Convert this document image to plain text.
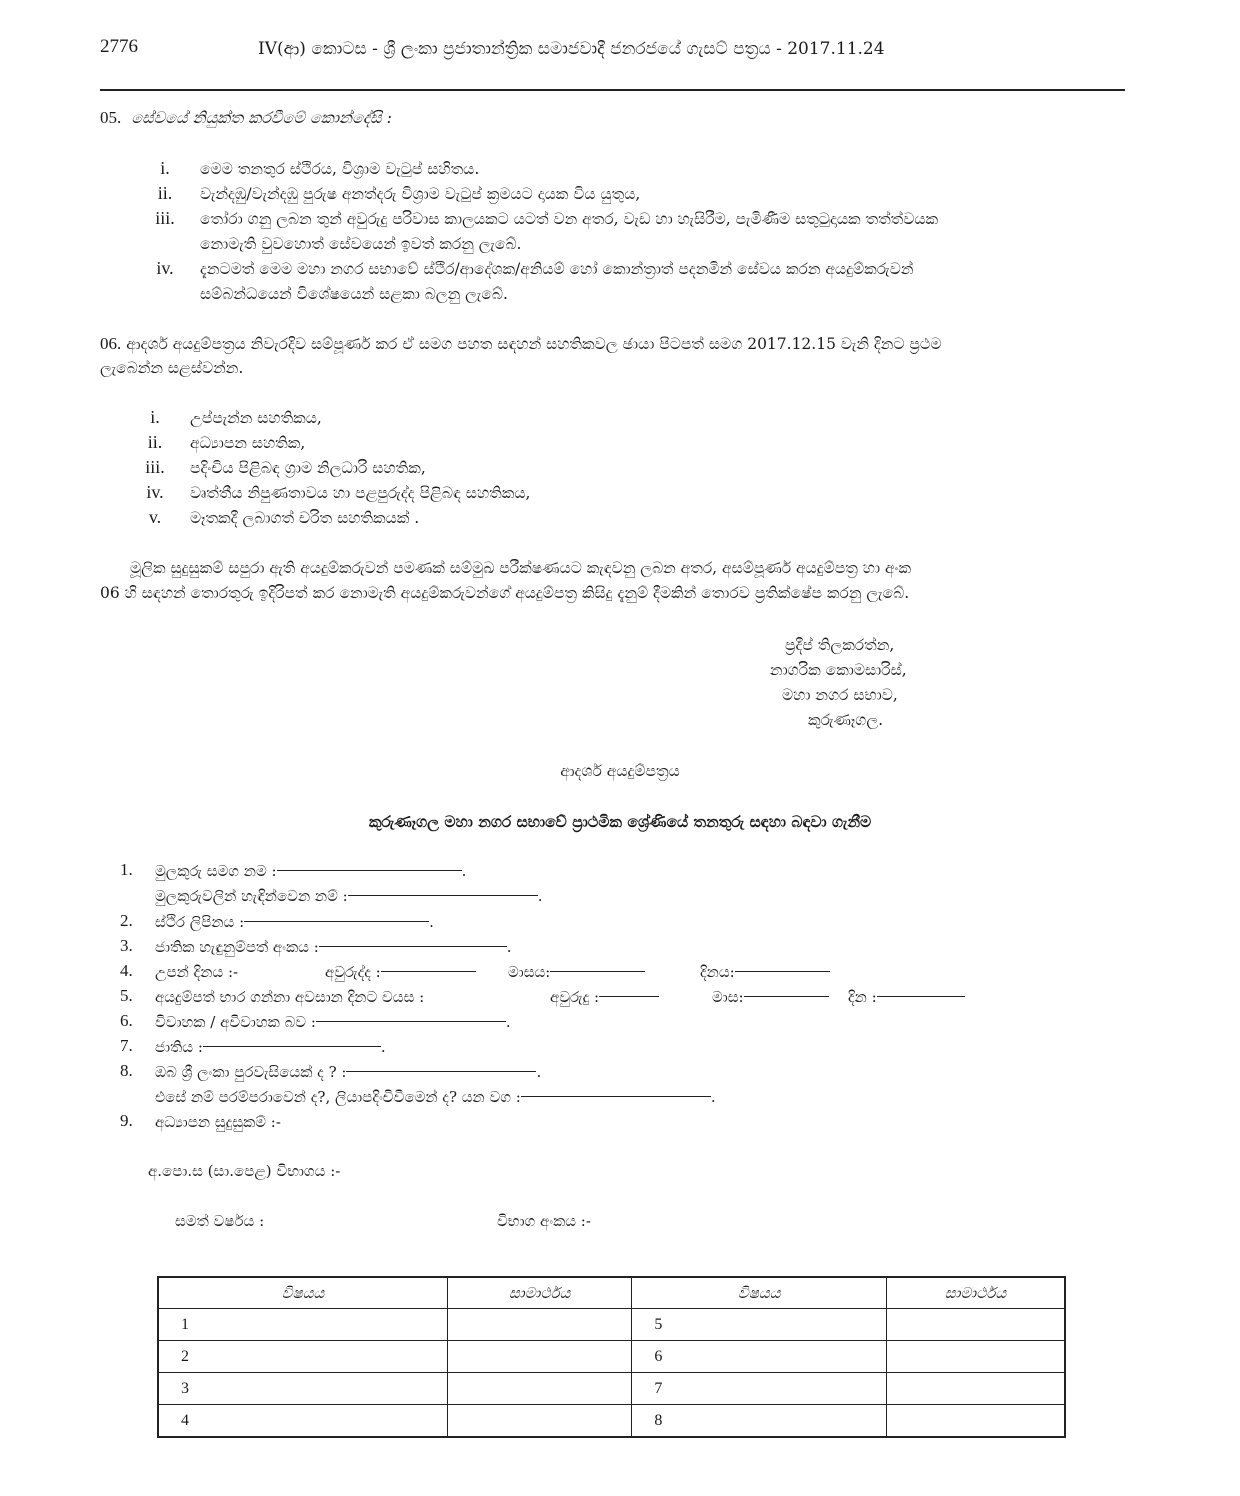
2776	IV(ආ) කොටස - ශ්‍රී ලංකා ප්‍රජාතාන්ත්‍රික සමාජවාදී ජනරජයේ ගැසට් පත්‍රය - 2017.11.24
05. සේවයේ නියුක්ත කරවීමේ කොන්දේසි :
i.	මෙම තනතුර ස්ථිරය, විශ්‍රාම වැටුප් සහිතය.
ii.	වැන්දඹු/වැන්දඹු පුරුෂ අනත්දරු විශ්‍රාම වැටුප් ක්‍රමයට දායක විය යුතුය,
iii.	තෝරා ගනු ලබන තුන් අවුරුදු පරිවාස කාලයකට යටත් වන අතර, වැඩ හා හැසිරීම, පැමිණීම සතුටුදායක තත්ත්වයක
නොමැති වුවහොත් සේවයෙන් ඉවත් කරනු ලැබේ.
iv.	දැනටමත් මෙම මහා නගර සභාවේ ස්ථිර/ආදේශක/අනියම් හෝ කොන්ත්‍රාත් පදනමින් සේවය කරන අයදුම්කරුවන්
සම්බන්ධයෙන් විශේෂයෙන් සළකා බලනු ලැබේ.
06. ආදර්ශ අයදුම්පත්‍රය නිවැරදිව සම්පූර්ණ කර ඒ සමග පහත සඳහන් සහතිකවල ඡායා පිටපත් සමග 2017.12.15 වැනි දිනට ප්‍රථම
ලැබෙන්න සළස්වන්න.
i.	උප්පැන්න සහතිකය,
ii.	අධ්‍යාපන සහතික,
iii.	පදිංචිය පිළිබඳ ග්‍රාම නිලධාරි සහතික,
iv.	වෘත්තීය නිපුණතාවය හා පළපුරුද්ද පිළිබඳ සහතිකය,
v.	මෑතකදී ලබාගත් චරිත සහතිකයක් .
මූලික සුදුසුකම් සපුරා ඇති අයදුම්කරුවන් පමණක් සම්මුඛ පරීක්ෂණයට කැඳවනු ලබන අතර, අසම්පූර්ණ අයදුම්පත්‍ර හා අංක
06 හි සඳහන් තොරතුරු ඉදිරිපත් කර නොමැති අයදුම්කරුවන්ගේ අයදුම්පත්‍ර කිසිදු දැනුම් දීමකින් තොරව ප්‍රතික්ෂේප කරනු ලැබේ.
ප්‍රදීප් තිලකරත්න,
නාගරික කොමසාරිස්,
මහා නගර සභාව,
කුරුණෑගල.
ආදර්ශ අයදුම්පත්‍රය
කුරුණෑගල මහා නගර සභාවේ ප්‍රාථමික ශ්‍රේණියේ තනතුරු සඳහා බඳවා ගැනීම
1. මුලකුරු සමග නම :	.
මුලකුරුවලින් හැඳින්වෙන නම් :	.
2. ස්ථිර ලිපිනය :	.
3. ජාතික හැඳුනුම්පත් අංකය :	.
4. උපන් දිනය :-	අවුරුද්ද :	මාසය:	දිනය:
5. අයදුම්පත් භාර ගන්නා අවසාන දිනට වයස :	අවුරුදු :	මාස:	දින :
6. විවාහක / අවිවාහක බව :	.
7. ජාතිය :	.
8. ඔබ ශ්‍රී ලංකා පුරවැසියෙක් ද ? :	.
එසේ නම් පරම්පරාවෙන් ද?, ලියාපදිංචිවීමෙන් ද? යන වග :	.
9. අධ්‍යාපන සුදුසුකම් :-
අ.පො.ස (සා.පෙළ) විභාගය :-
සමත් වර්ෂය :	විභාග අංකය :-
විෂයය	සාමාර්ථය	විෂයය	සාමාර්ථය
1		5	
2		6	
3		7	
4		8	
